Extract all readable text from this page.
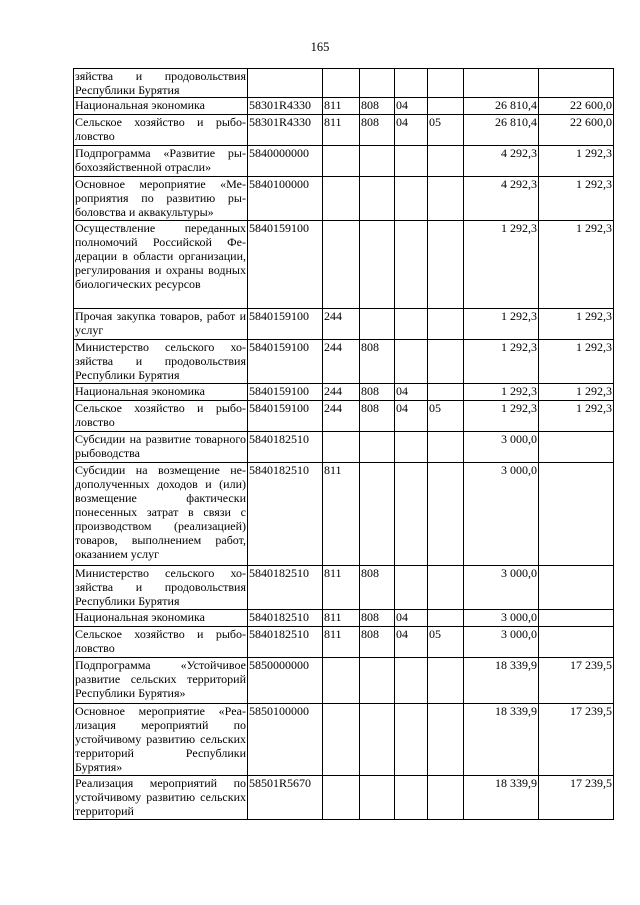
165
зяйства и продовольствия Республики Бурятия							
Национальная экономика	58301R4330	811	808	04		26 810,4	22 600,0
Сельское хозяйство и рыболовство	58301R4330	811	808	04	05	26 810,4	22 600,0
Подпрограмма «Развитие рыбохозяйственной отрасли»	5840000000					4 292,3	1 292,3
Основное мероприятие «Мероприятия по развитию рыболовства и аквакультуры»	5840100000					4 292,3	1 292,3
Осуществление переданных полномочий Российской Федерации в области организации, регулирования и охраны водных биологических ресурсов	5840159100					1 292,3	1 292,3
Прочая закупка товаров, работ и услуг	5840159100	244				1 292,3	1 292,3
Министерство сельского хозяйства и продовольствия Республики Бурятия	5840159100	244	808			1 292,3	1 292,3
Национальная экономика	5840159100	244	808	04		1 292,3	1 292,3
Сельское хозяйство и рыболовство	5840159100	244	808	04	05	1 292,3	1 292,3
Субсидии на развитие товарного рыбоводства	5840182510					3 000,0	
Субсидии на возмещение недополученных доходов и (или) возмещение фактически понесенных затрат в связи с производством (реализацией) товаров, выполнением работ, оказанием услуг	5840182510	811				3 000,0	
Министерство сельского хозяйства и продовольствия Республики Бурятия	5840182510	811	808			3 000,0	
Национальная экономика	5840182510	811	808	04		3 000,0	
Сельское хозяйство и рыболовство	5840182510	811	808	04	05	3 000,0	
Подпрограмма «Устойчивое развитие сельских территорий Республики Бурятия»	5850000000					18 339,9	17 239,5
Основное мероприятие «Реализация мероприятий по устойчивому развитию сельских территорий Республики Бурятия»	5850100000					18 339,9	17 239,5
Реализация мероприятий по устойчивому развитию сельских территорий	58501R5670					18 339,9	17 239,5
